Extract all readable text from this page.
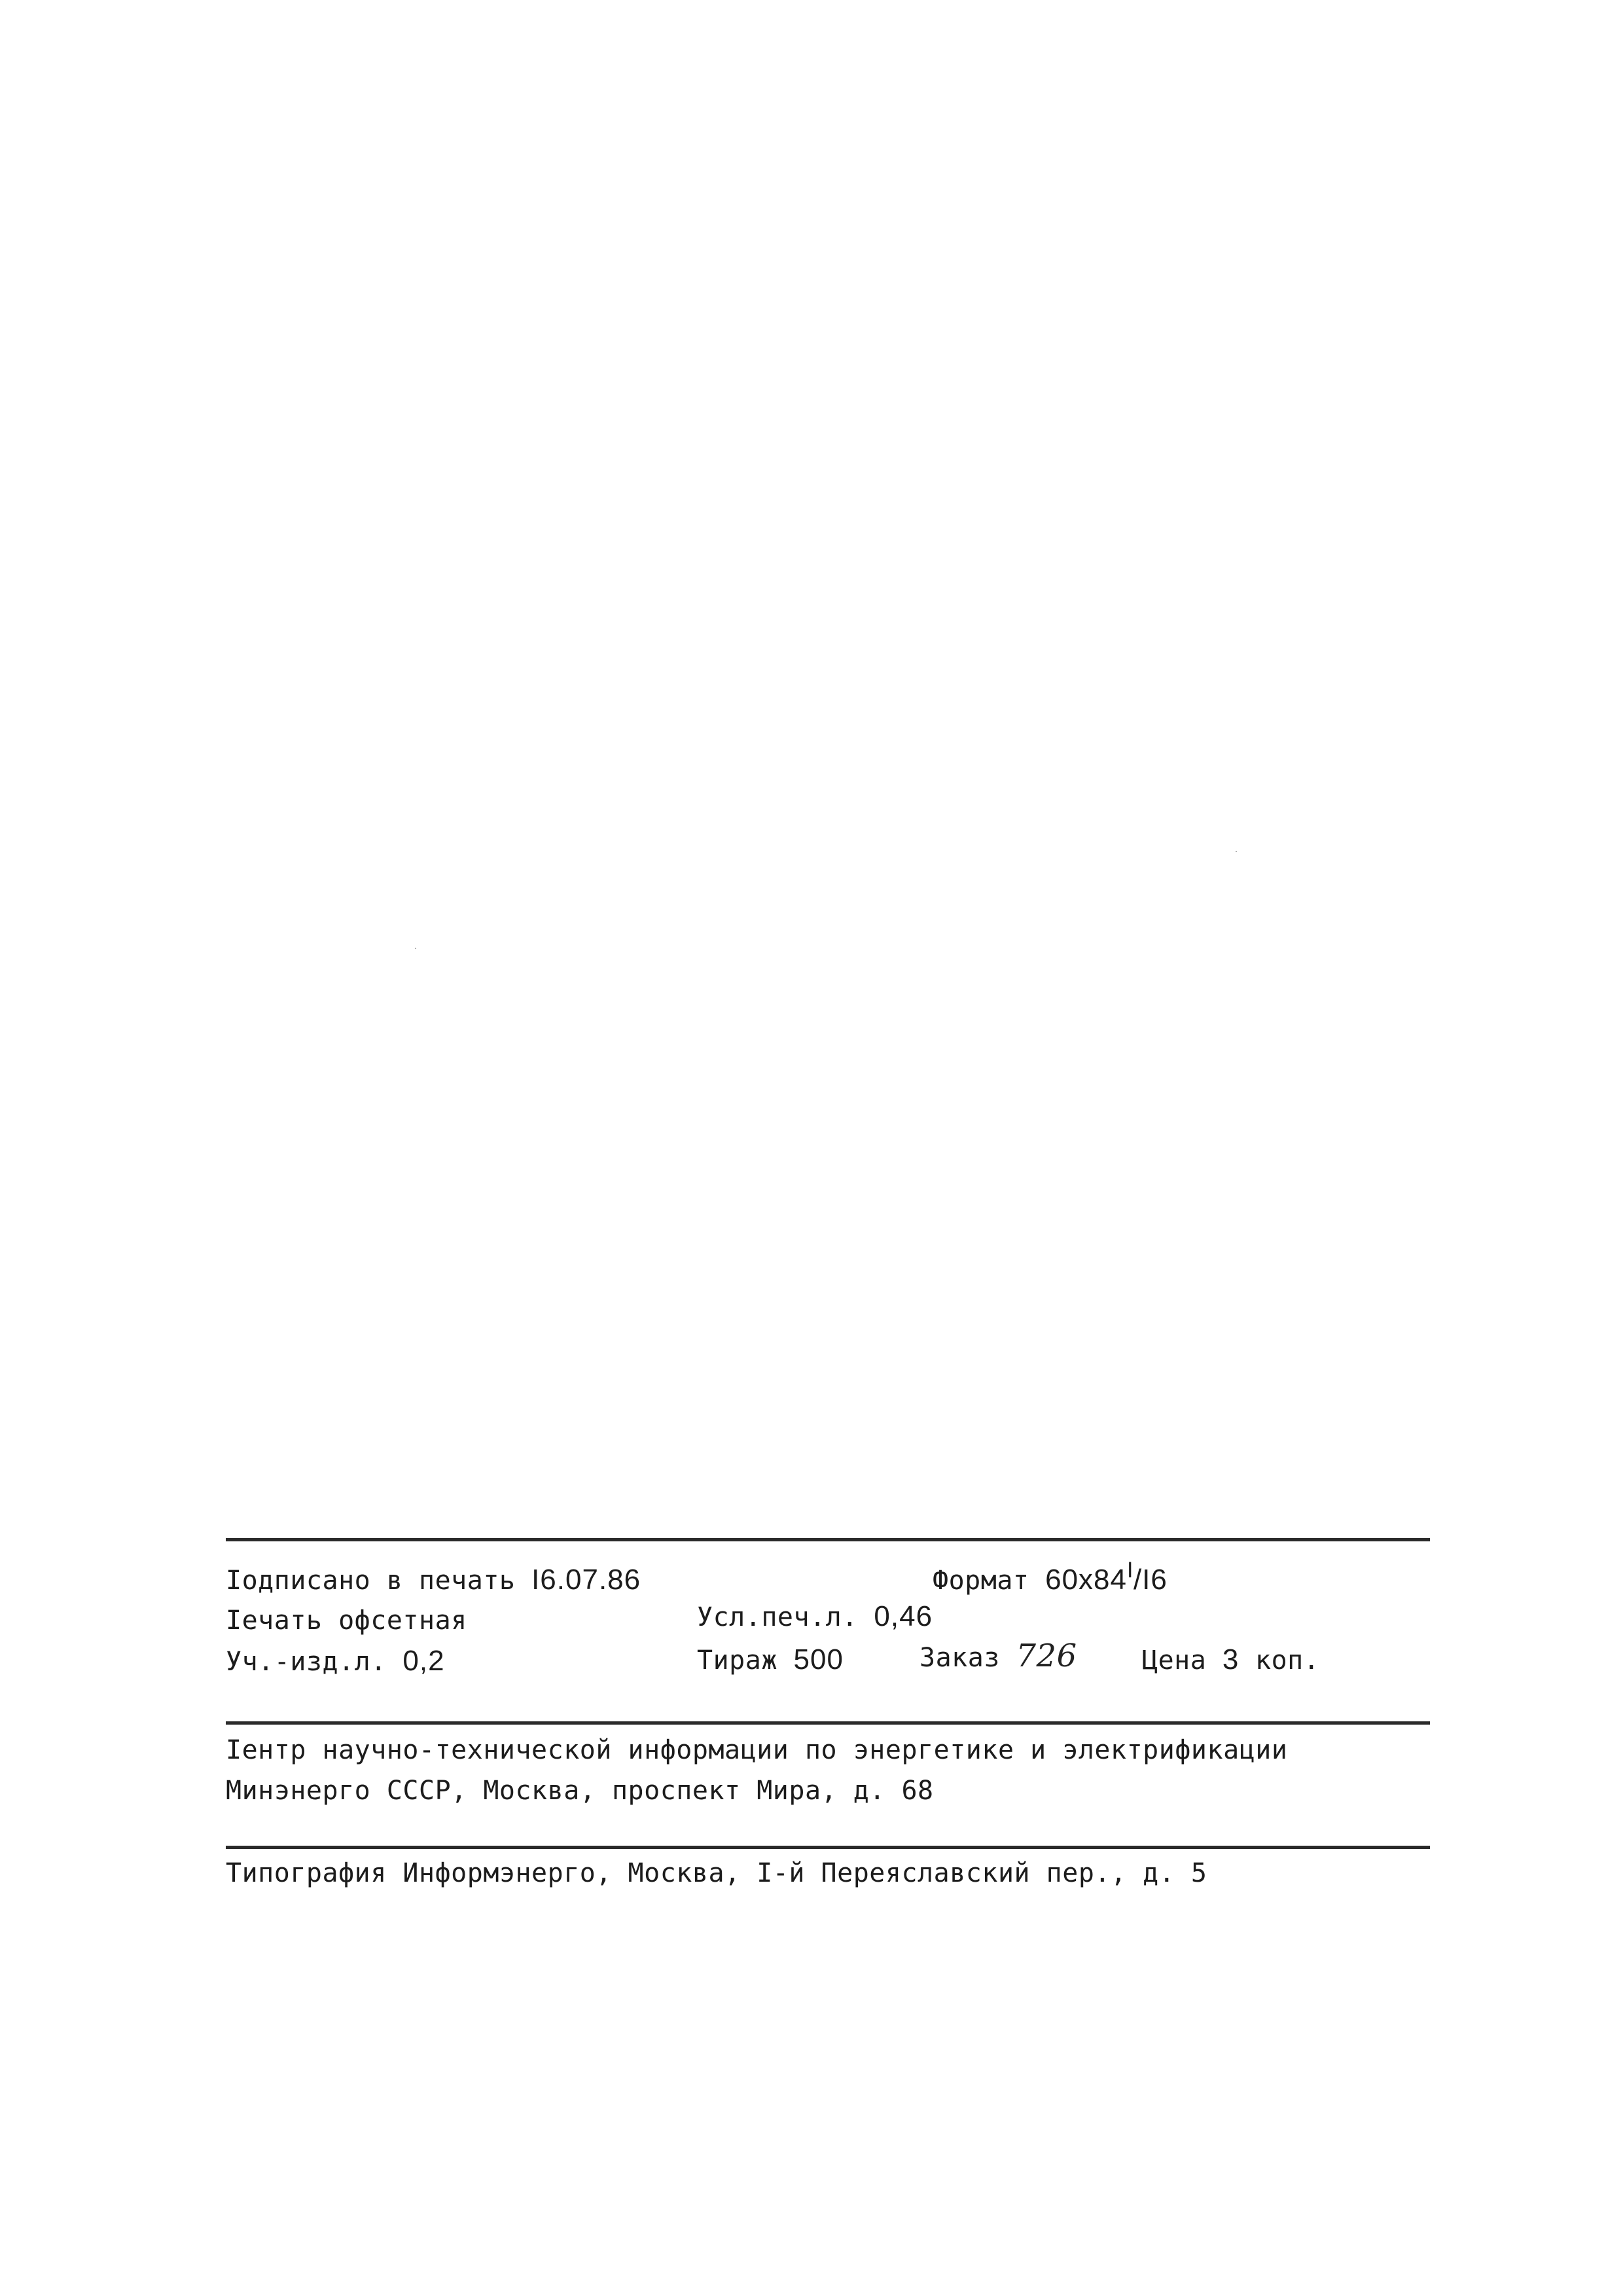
Іодписано в печать І6.07.86	Формат $60х84^I/І6$
Іечать офсетная	Усл.печ.л. 0,46
Уч.-изд.л. 0,2	Тираж 500	Заказ 726 Цена 3 коп.
Іентр научно-технической информации по энергетике и электрификации
Минэнерго СССР, Москва, проспект Мира, д. 68
Типография Информэнерго, Москва, І-й Переяславский пер., д. 5
